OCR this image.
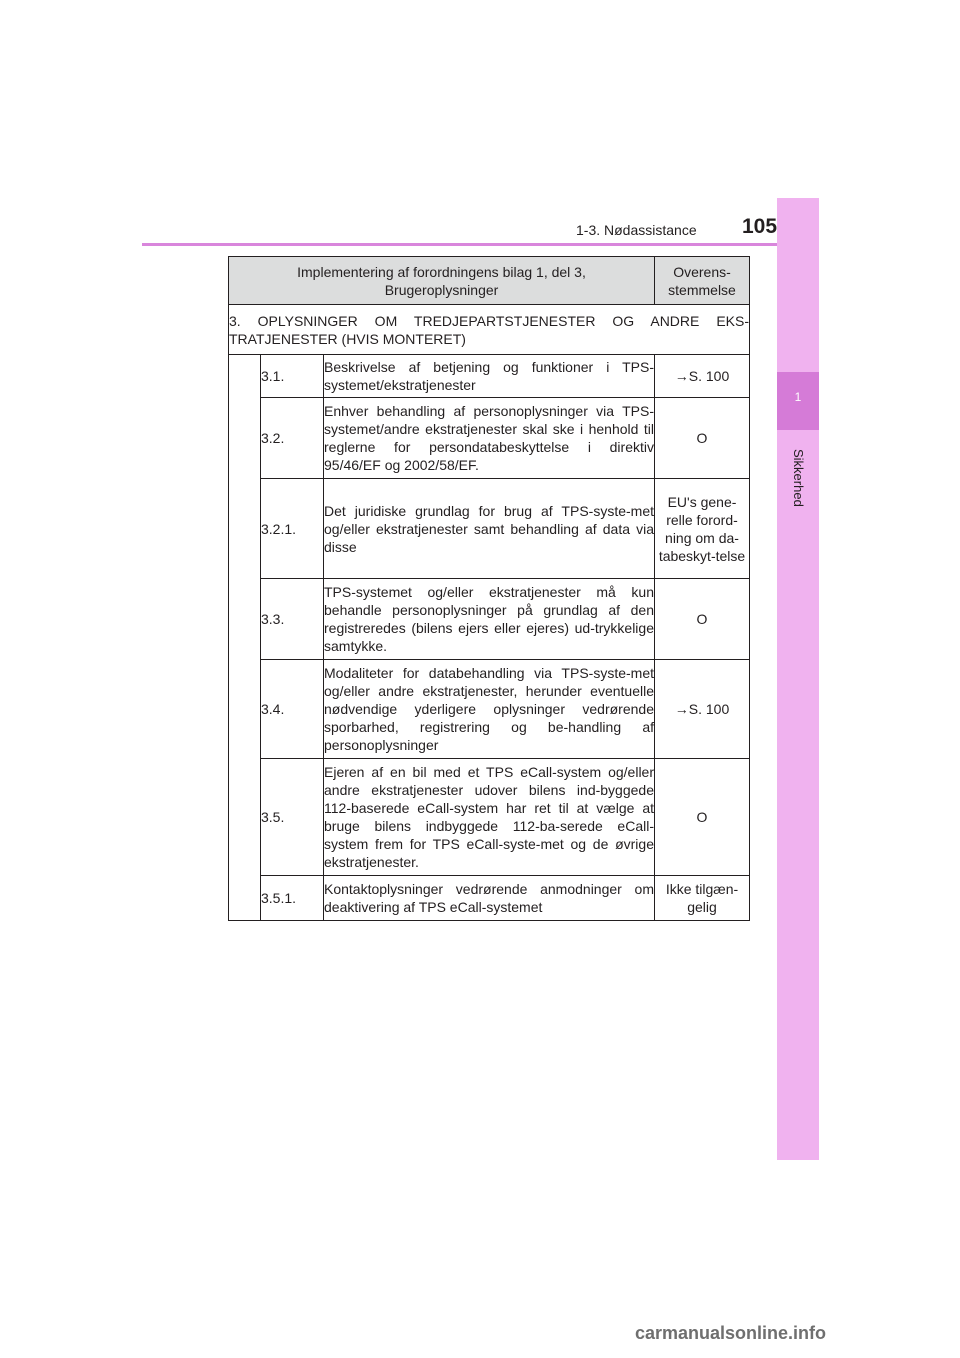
1-3. Nødassistance 105
1
Sikkerhed
Implementering af forordningens bilag 1, del 3, Brugeroplysninger			Overens-stemmelse
3. OPLYSNINGER OM TREDJEPARTSTJENESTER OG ANDRE EKS-TRATJENESTER (HVIS MONTERET)			
	3.1.	Beskrivelse af betjening og funktioner i TPS-systemet/ekstratjenester	→S. 100
	3.2.	Enhver behandling af personoplysninger via TPS-systemet/andre ekstratjenester skal ske i henhold til reglerne for persondatabeskyttelse i direktiv 95/46/EF og 2002/58/EF.	O
	3.2.1.	Det juridiske grundlag for brug af TPS-syste-met og/eller ekstratjenester samt behandling af data via disse	EU's gene-relle forord-ning om da-tabeskyt-telse
	3.3.	TPS-systemet og/eller ekstratjenester må kun behandle personoplysninger på grundlag af den registreredes (bilens ejers eller ejeres) ud-trykkelige samtykke.	O
	3.4.	Modaliteter for databehandling via TPS-syste-met og/eller andre ekstratjenester, herunder eventuelle nødvendige yderligere oplysninger vedrørende sporbarhed, registrering og be-handling af personoplysninger	→S. 100
	3.5.	Ejeren af en bil med et TPS eCall-system og/eller andre ekstratjenester udover bilens ind-byggede 112-baserede eCall-system har ret til at vælge at bruge bilens indbyggede 112-ba-serede eCall-system frem for TPS eCall-syste-met og de øvrige ekstratjenester.	O
	3.5.1.	Kontaktoplysninger vedrørende anmodninger om deaktivering af TPS eCall-systemet	Ikke tilgæn-gelig
carmanualsonline.info
